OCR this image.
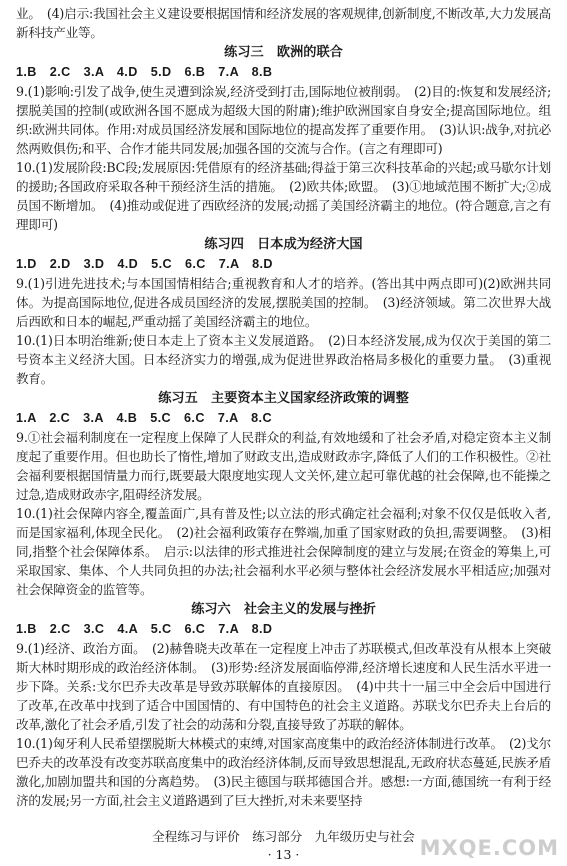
业。　(4)启示:我国社会主义建设要根据国情和经济发展的客观规律,创新制度,不断改革,大力发展高新科技产业等。

练习三　欧洲的联合

1.B　2.C　3.A　4.D　5.D　6.B　7.A　8.B

9.(1)影响:引发了战争,使生灵遭到涂炭,经济受到打击,国际地位被削弱。　(2)目的:恢复和发展经济;摆脱美国的控制(或欧洲各国不愿成为超级大国的附庸);维护欧洲国家自身安全;提高国际地位。组织:欧洲共同体。作用:对成员国经济发展和国际地位的提高发挥了重要作用。　(3)认识:战争,对抗必然两败俱伤;和平、合作才能共同发展;加强各国的交流与合作。(言之有理即可)

10.(1)发展阶段:BC段;发展原因:凭借原有的经济基础;得益于第三次科技革命的兴起;或马歇尔计划的援助;各国政府采取各种干预经济生活的措施。　(2)欧共体;欧盟。　(3)①地域范围不断扩大;②成员国不断增加。　(4)推动或促进了西欧经济的发展;动摇了美国经济霸主的地位。(符合题意,言之有理即可)

练习四　日本成为经济大国

1.D　2.D　3.D　4.D　5.C　6.C　7.A　8.D

9.(1)引进先进技术;与本国国情相结合;重视教育和人才的培养。(答出其中两点即可)(2)欧洲共同体。为提高国际地位,促进各成员国经济的发展,摆脱美国的控制。　(3)经济领域。第二次世界大战后西欧和日本的崛起,严重动摇了美国经济霸主的地位。

10.(1)日本明治维新;使日本走上了资本主义发展道路。　(2)日本经济发展,成为仅次于美国的第二号资本主义经济大国。日本经济实力的增强,成为促进世界政治格局多极化的重要力量。　(3)重视教育。

练习五　主要资本主义国家经济政策的调整

1.A　2.C　3.A　4.B　5.C　6.C　7.A　8.C

9.①社会福利制度在一定程度上保障了人民群众的利益,有效地缓和了社会矛盾,对稳定资本主义制度起了重要作用。但也助长了惰性,增加了财政支出,造成财政赤字,降低了人们的工作积极性。②社会福利要根据国情量力而行,既要最大限度地实现人文关怀,建立起可靠优越的社会保障,也不能操之过急,造成财政赤字,阻碍经济发展。

10.(1)社会保障内容全,覆盖面广,具有普及性;以立法的形式确定社会福利;对象不仅仅是低收入者,而是国家福利,体现全民化。　(2)社会福利政策存在弊端,加重了国家财政的负担,需要调整。　(3)相同,指整个社会保障体系。　启示:以法律的形式推进社会保障制度的建立与发展;在资金的筹集上,可采取国家、集体、个人共同负担的办法;社会福利水平必须与整体社会经济发展水平相适应;加强对社会保障资金的监管等。

练习六　社会主义的发展与挫折

1.B　2.C　3.C　4.A　5.C　6.C　7.A　8.D

9.(1)经济、政治方面。　(2)赫鲁晓夫改革在一定程度上冲击了苏联模式,但改革没有从根本上突破斯大林时期形成的政治经济体制。　(3)形势:经济发展面临停滞,经济增长速度和人民生活水平进一步下降。关系:戈尔巴乔夫改革是导致苏联解体的直接原因。　(4)中共十一届三中全会后中国进行了改革,在改革中找到了适合中国国情的、有中国特色的社会主义道路。苏联戈尔巴乔夫上台后的改革,激化了社会矛盾,引发了社会的动荡和分裂,直接导致了苏联的解体。

10.(1)匈牙利人民希望摆脱斯大林模式的束缚,对国家高度集中的政治经济体制进行改革。　(2)戈尔巴乔夫的改革没有改变苏联高度集中的政治经济体制,反而导致思想混乱,无政府状态蔓延,民族矛盾激化,加剧加盟共和国的分离趋势。　(3)民主德国与联邦德国合并。感想:一方面,德国统一有利于经济的发展;另一方面,社会主义道路遇到了巨大挫折,对未来要坚持

全程练习与评价　练习部分　九年级历史与社会
· 13 ·	MXQE.COM
